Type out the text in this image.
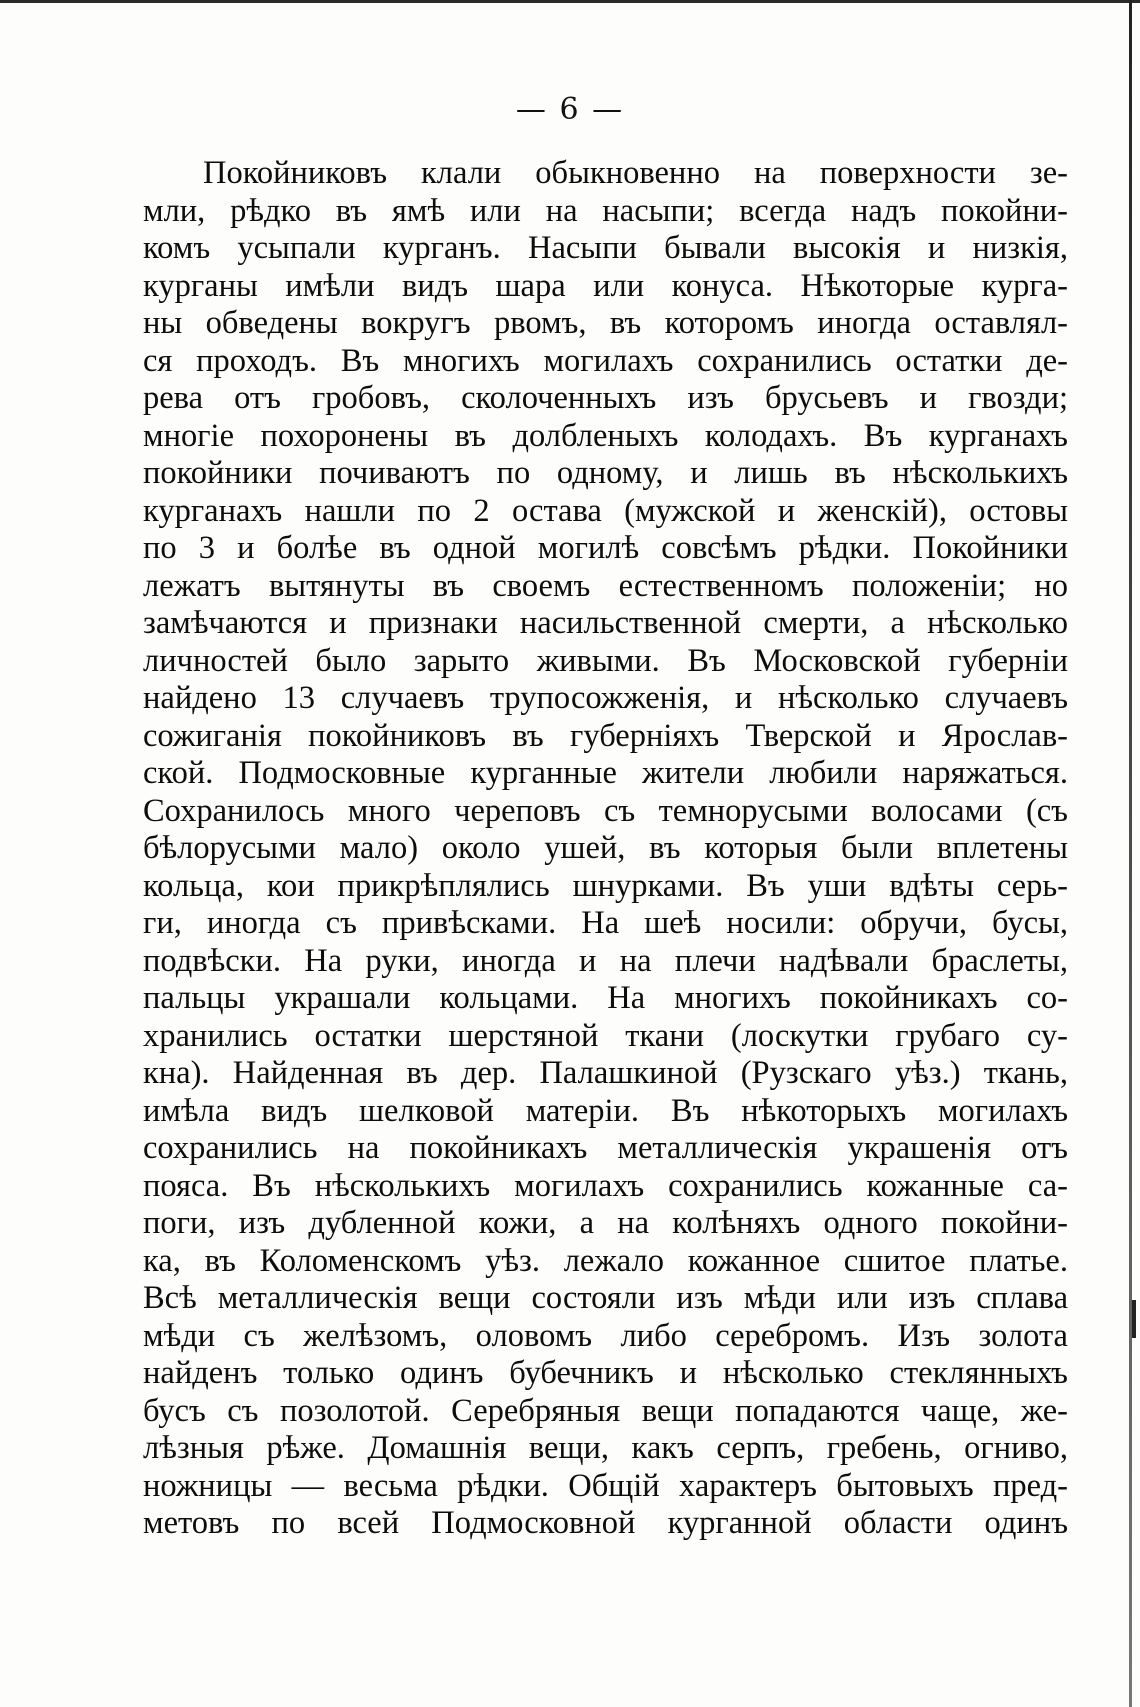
— 6 —
Покойниковъ клали обыкновенно на поверхности зе-
мли, рѣдко въ ямѣ или на насыпи; всегда надъ покойни-
комъ усыпали курганъ. Насыпи бывали высокія и низкія,
курганы имѣли видъ шара или конуса. Нѣкоторые курга-
ны обведены вокругъ рвомъ, въ которомъ иногда оставлял-
ся проходъ. Въ многихъ могилахъ сохранились остатки де-
рева отъ гробовъ, сколоченныхъ изъ брусьевъ и гвозди;
многіе похоронены въ долбленыхъ колодахъ. Въ курганахъ
покойники почиваютъ по одному, и лишь въ нѣсколькихъ
курганахъ нашли по 2 остава (мужской и женскій), остовы
по 3 и болѣе въ одной могилѣ совсѣмъ рѣдки. Покойники
лежатъ вытянуты въ своемъ естественномъ положеніи; но
замѣчаются и признаки насильственной смерти, а нѣсколько
личностей было зарыто живыми. Въ Московской губерніи
найдено 13 случаевъ трупосожженія, и нѣсколько случаевъ
сожиганія покойниковъ въ губерніяхъ Тверской и Ярослав-
ской. Подмосковные курганные жители любили наряжаться.
Сохранилось много череповъ съ темнорусыми волосами (съ
бѣлорусыми мало) около ушей, въ которыя были вплетены
кольца, кои прикрѣплялись шнурками. Въ уши вдѣты серь-
ги, иногда съ привѣсками. На шеѣ носили: обручи, бусы,
подвѣски. На руки, иногда и на плечи надѣвали браслеты,
пальцы украшали кольцами. На многихъ покойникахъ со-
хранились остатки шерстяной ткани (лоскутки грубаго су-
кна). Найденная въ дер. Палашкиной (Рузскаго уѣз.) ткань,
имѣла видъ шелковой матеріи. Въ нѣкоторыхъ могилахъ
сохранились на покойникахъ металлическія украшенія отъ
пояса. Въ нѣсколькихъ могилахъ сохранились кожанные са-
поги, изъ дубленной кожи, а на колѣняхъ одного покойни-
ка, въ Коломенскомъ уѣз. лежало кожанное сшитое платье.
Всѣ металлическія вещи состояли изъ мѣди или изъ сплава
мѣди съ желѣзомъ, оловомъ либо серебромъ. Изъ золота
найденъ только одинъ бубечникъ и нѣсколько стеклянныхъ
бусъ съ позолотой. Серебряныя вещи попадаются чаще, же-
лѣзныя рѣже. Домашнія вещи, какъ серпъ, гребень, огниво,
ножницы — весьма рѣдки. Общій характеръ бытовыхъ пред-
метовъ по всей Подмосковной курганной области одинъ
